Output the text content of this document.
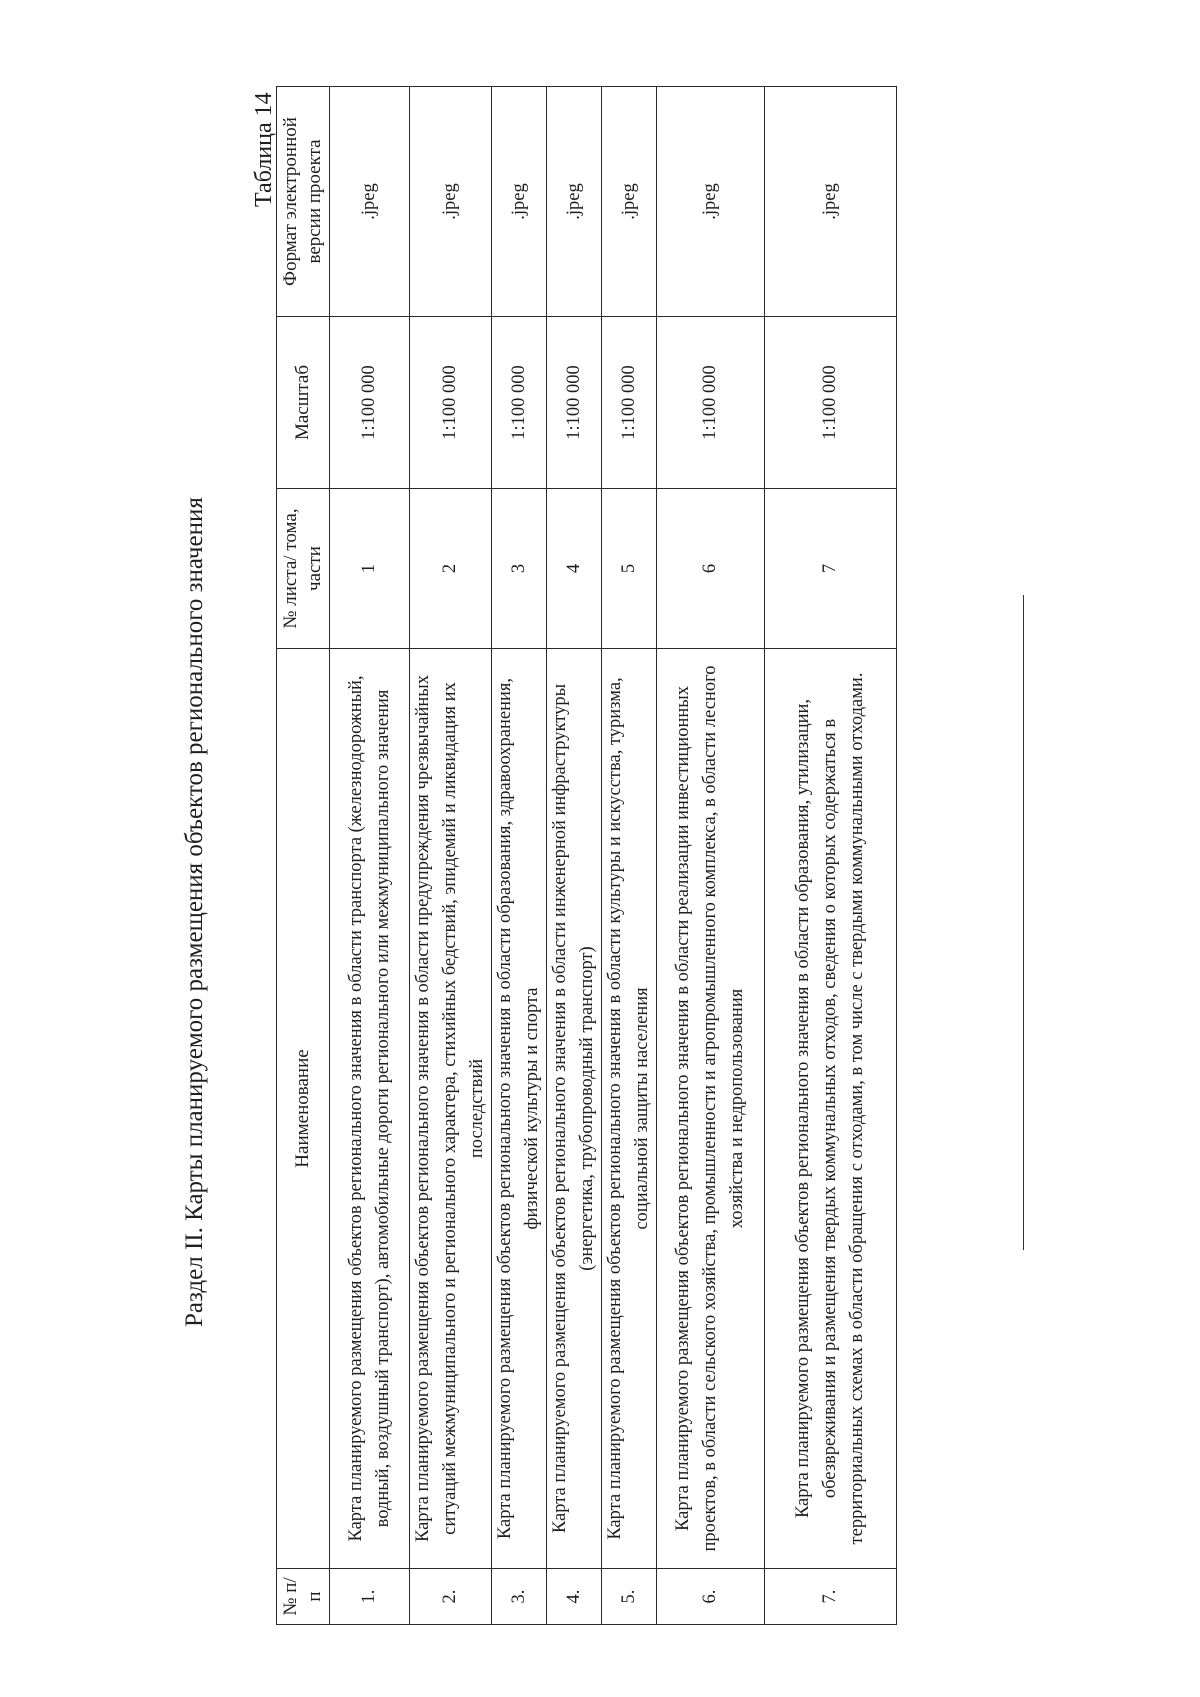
Раздел II. Карты планируемого размещения объектов регионального значения
Таблица 14
№ п/п	Наименование	№ листа/ тома, части	Масштаб	Формат электронной версии проекта
1.	Карта планируемого размещения объектов регионального значения в области транспорта (железнодорожный, водный, воздушный транспорт), автомобильные дороги регионального или межмуниципального значения	1	1:100 000	.jpeg
2.	Карта планируемого размещения объектов регионального значения в области предупреждения чрезвычайных ситуаций межмуниципального и регионального характера, стихийных бедствий, эпидемий и ликвидация их последствий	2	1:100 000	.jpeg
3.	Карта планируемого размещения объектов регионального значения в области образования, здравоохранения, физической культуры и спорта	3	1:100 000	.jpeg
4.	Карта планируемого размещения объектов регионального значения в области инженерной инфраструктуры (энергетика, трубопроводный транспорт)	4	1:100 000	.jpeg
5.	Карта планируемого размещения объектов регионального значения в области культуры и искусства, туризма, социальной защиты населения	5	1:100 000	.jpeg
6.	Карта планируемого размещения объектов регионального значения в области реализации инвестиционных проектов, в области сельского хозяйства, промышленности и агропромышленного комплекса, в области лесного хозяйства и недропользования	6	1:100 000	.jpeg
7.	Карта планируемого размещения объектов регионального значения в области образования, утилизации, обезвреживания и размещения твердых коммунальных отходов, сведения о которых содержаться в территориальных схемах в области обращения с отходами, в том числе с твердыми коммунальными отходами.	7	1:100 000	.jpeg
